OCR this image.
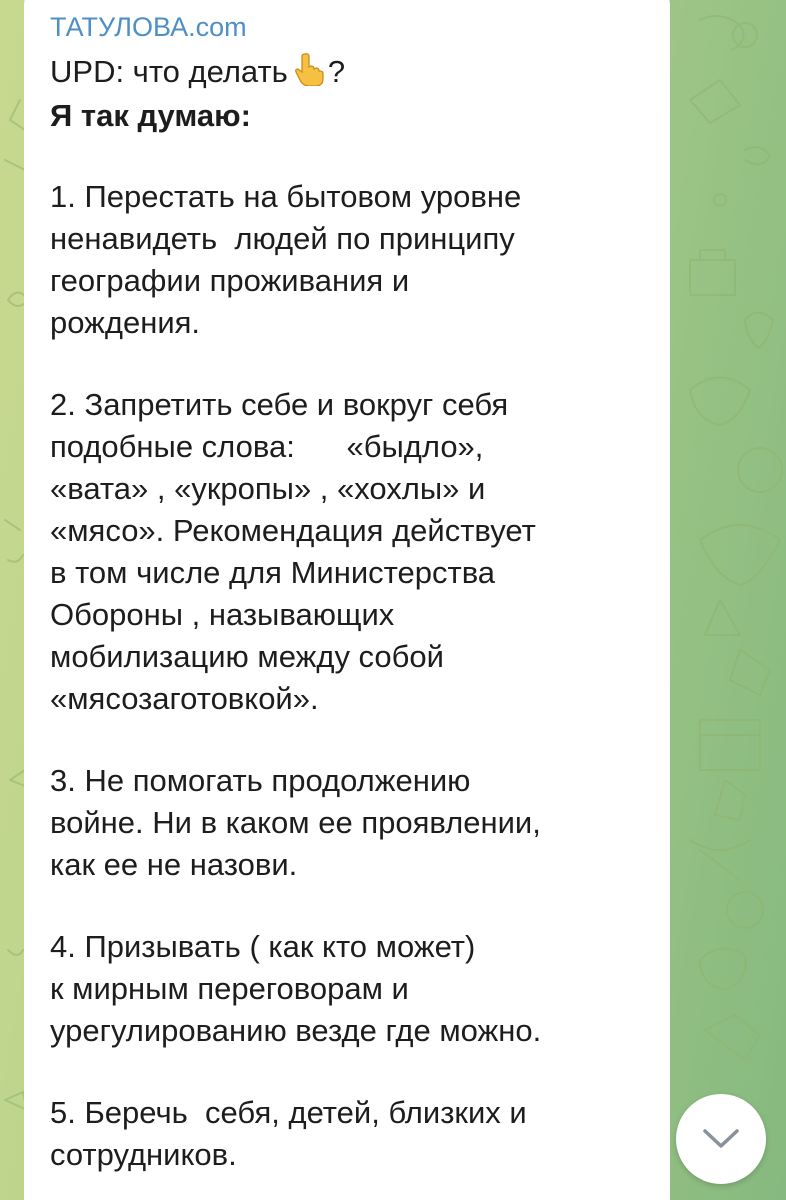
ТАТУЛОВА.com
UPD: что делать ?
Я так думаю:
1. Перестать на бытовом уровне
ненавидеть  людей по принципу
географии проживания и
рождения.
2. Запретить себе и вокруг себя
подобные слова:      «быдло»,
«вата» , «укропы» , «хохлы» и
«мясо». Рекомендация действует
в том числе для Министерства
Обороны , называющих
мобилизацию между собой
«мясозаготовкой».
3. Не помогать продолжению
войне. Ни в каком ее проявлении,
как ее не назови.
4. Призывать ( как кто может)
к мирным переговорам и
урегулированию везде где можно.
5. Беречь  себя, детей, близких и
сотрудников.
